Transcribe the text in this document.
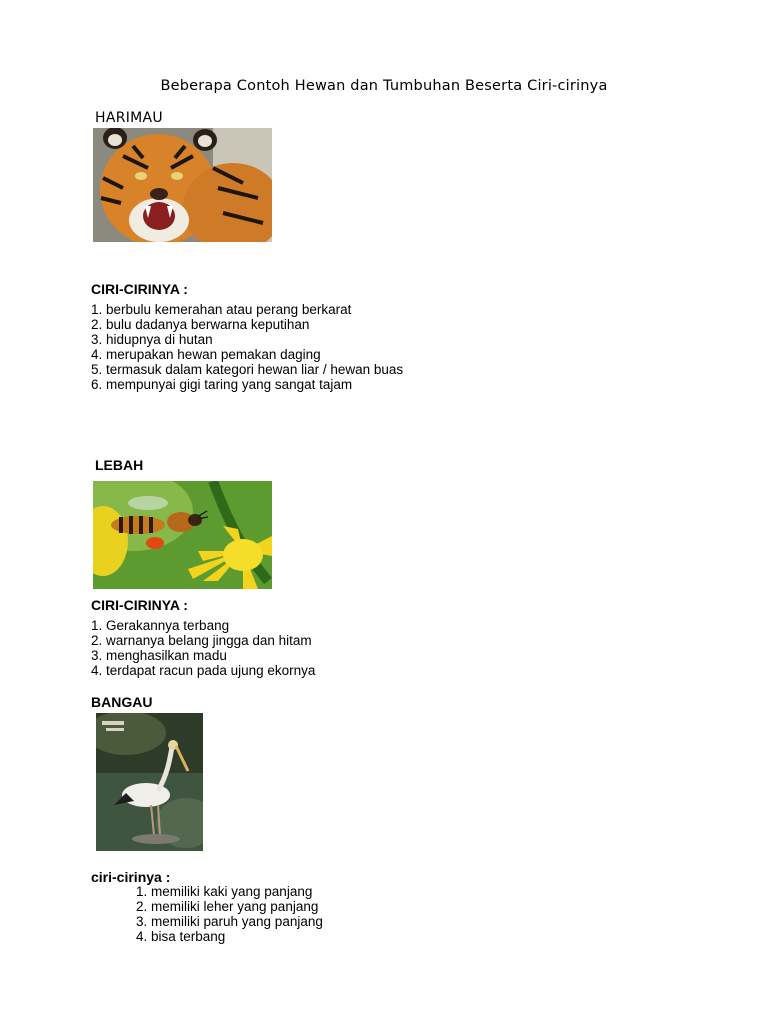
Beberapa Contoh Hewan dan Tumbuhan Beserta Ciri-cirinya
HARIMAU
CIRI-CIRINYA :
1. berbulu kemerahan atau perang berkarat
2. bulu dadanya berwarna keputihan
3. hidupnya di hutan
4. merupakan hewan pemakan daging
5. termasuk dalam kategori hewan liar / hewan buas
6. mempunyai gigi taring yang sangat tajam
LEBAH
CIRI-CIRINYA :
1. Gerakannya terbang
2. warnanya belang jingga dan hitam
3. menghasilkan madu
4. terdapat racun pada ujung ekornya
BANGAU
ciri-cirinya :
1. memiliki kaki yang panjang
2. memiliki leher yang panjang
3. memiliki paruh yang panjang
4. bisa terbang
